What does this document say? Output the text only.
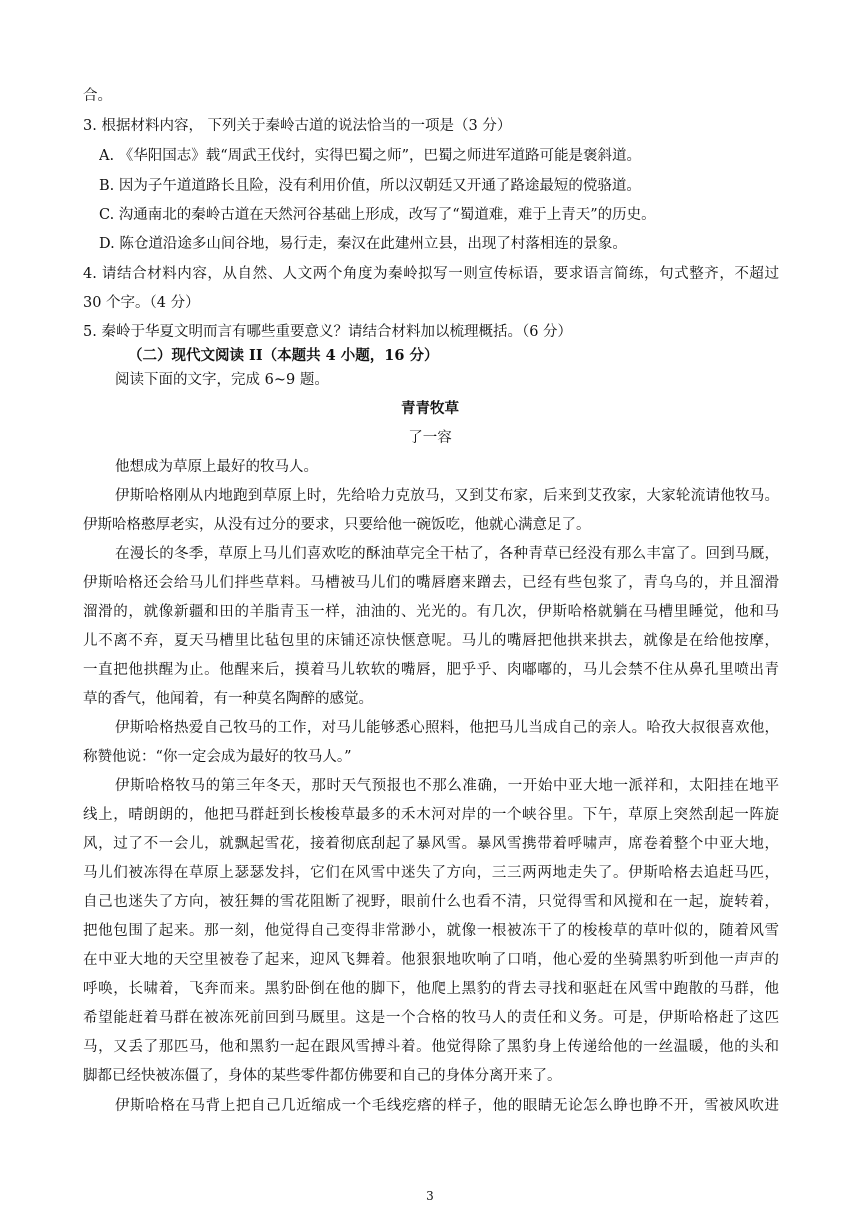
合。
3. 根据材料内容， 下列关于秦岭古道的说法恰当的一项是（3 分）
A. 《华阳国志》载“周武王伐纣，实得巴蜀之师”，巴蜀之师进军道路可能是褒斜道。
B. 因为子午道道路长且险，没有利用价值，所以汉朝廷又开通了路途最短的傥骆道。
C. 沟通南北的秦岭古道在天然河谷基础上形成，改写了“蜀道难，难于上青天”的历史。
D. 陈仓道沿途多山间谷地，易行走，秦汉在此建州立县，出现了村落相连的景象。
4. 请结合材料内容，从自然、人文两个角度为秦岭拟写一则宣传标语，要求语言简练，句式整齐，不超过
30 个字。（4 分）
5. 秦岭于华夏文明而言有哪些重要意义？请结合材料加以梳理概括。（6 分）
（二）现代文阅读 II（本题共 4 小题，16 分）
阅读下面的文字，完成 6~9 题。
青青牧草
了一容
他想成为草原上最好的牧马人。
伊斯哈格刚从内地跑到草原上时，先给哈力克放马，又到艾布家，后来到艾孜家，大家轮流请他牧马。
伊斯哈格憨厚老实，从没有过分的要求，只要给他一碗饭吃，他就心满意足了。
在漫长的冬季，草原上马儿们喜欢吃的酥油草完全干枯了，各种青草已经没有那么丰富了。回到马厩，
伊斯哈格还会给马儿们拌些草料。马槽被马儿们的嘴唇磨来蹭去，已经有些包浆了，青乌乌的，并且溜滑
溜滑的，就像新疆和田的羊脂青玉一样，油油的、光光的。有几次，伊斯哈格就躺在马槽里睡觉，他和马
儿不离不弃，夏天马槽里比毡包里的床铺还凉快惬意呢。马儿的嘴唇把他拱来拱去，就像是在给他按摩，
一直把他拱醒为止。他醒来后，摸着马儿软软的嘴唇，肥乎乎、肉嘟嘟的，马儿会禁不住从鼻孔里喷出青
草的香气，他闻着，有一种莫名陶醉的感觉。
伊斯哈格热爱自己牧马的工作，对马儿能够悉心照料，他把马儿当成自己的亲人。哈孜大叔很喜欢他，
称赞他说：“你一定会成为最好的牧马人。”
伊斯哈格牧马的第三年冬天，那时天气预报也不那么准确，一开始中亚大地一派祥和，太阳挂在地平
线上，晴朗朗的，他把马群赶到长梭梭草最多的禾木河对岸的一个峡谷里。下午，草原上突然刮起一阵旋
风，过了不一会儿，就飘起雪花，接着彻底刮起了暴风雪。暴风雪携带着呼啸声，席卷着整个中亚大地，
马儿们被冻得在草原上瑟瑟发抖，它们在风雪中迷失了方向，三三两两地走失了。伊斯哈格去追赶马匹，
自己也迷失了方向，被狂舞的雪花阻断了视野，眼前什么也看不清，只觉得雪和风搅和在一起，旋转着，
把他包围了起来。那一刻，他觉得自己变得非常渺小，就像一根被冻干了的梭梭草的草叶似的，随着风雪
在中亚大地的天空里被卷了起来，迎风飞舞着。他狠狠地吹响了口哨，他心爱的坐骑黑豹听到他一声声的
呼唤，长啸着，飞奔而来。黑豹卧倒在他的脚下，他爬上黑豹的背去寻找和驱赶在风雪中跑散的马群，他
希望能赶着马群在被冻死前回到马厩里。这是一个合格的牧马人的责任和义务。可是，伊斯哈格赶了这匹
马，又丢了那匹马，他和黑豹一起在跟风雪搏斗着。他觉得除了黑豹身上传递给他的一丝温暖，他的头和
脚都已经快被冻僵了，身体的某些零件都仿佛要和自己的身体分离开来了。
伊斯哈格在马背上把自己几近缩成一个毛线疙瘩的样子，他的眼睛无论怎么睁也睁不开，雪被风吹进
3
